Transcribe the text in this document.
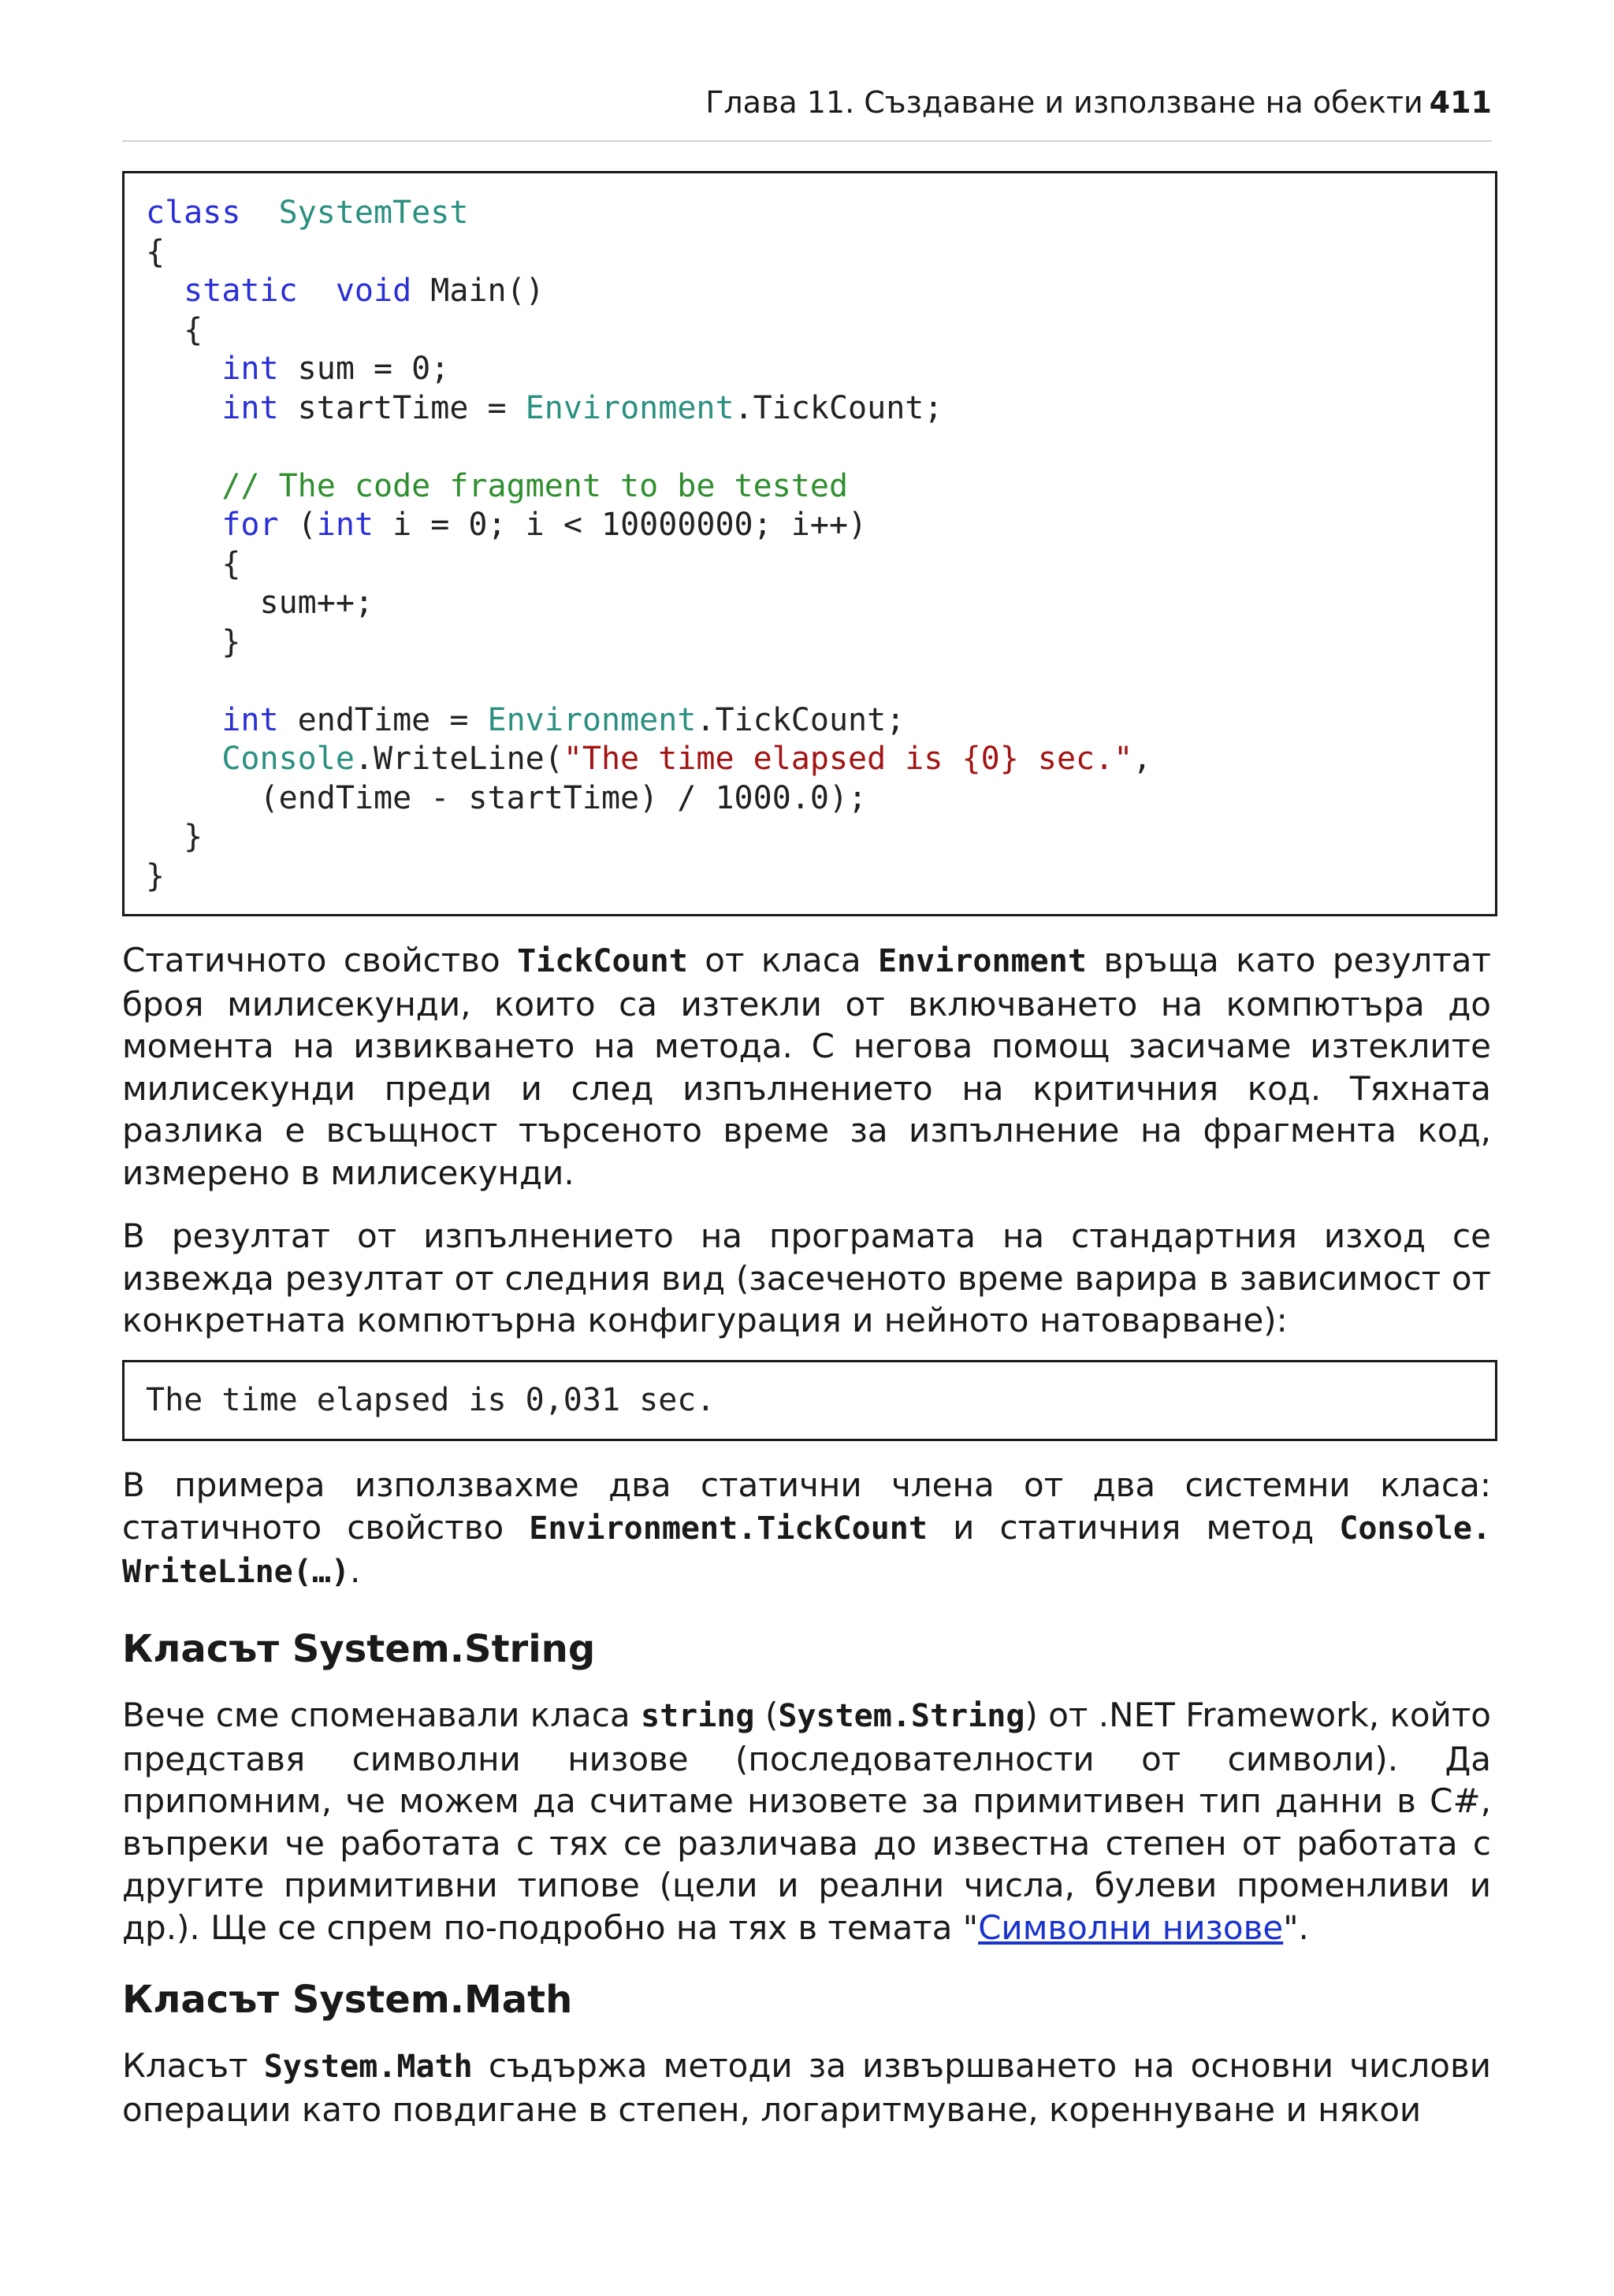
Глава 11. Създаване и използване на обекти 411
class SystemTest
{
static void Main()
{
int sum = 0;
int startTime = Environment.TickCount;
// The code fragment to be tested
for (int i = 0; i < 10000000; i++)
{
sum++;
}
int endTime = Environment.TickCount;
Console.WriteLine("The time elapsed is {0} sec.",
(endTime - startTime) / 1000.0);
}
}

Статичното свойство TickCount от класа Environment връща като резултат броя милисекунди, които са изтекли от включването на компютъра до момента на извикването на метода. С негова помощ засичаме изтеклите милисекунди преди и след изпълнението на критичния код. Тяхната разлика е всъщност търсеното време за изпълнение на фрагмента код, измерено в милисекунди.

В резултат от изпълнението на програмата на стандартния изход се извежда резултат от следния вид (засеченото време варира в зависимост от конкретната компютърна конфигурация и нейното натоварване):

The time elapsed is 0,031 sec.

В примера използвахме два статични члена от два системни класа: статичното свойство Environment.TickCount и статичния метод Console. WriteLine(…).

Класът System.String

Вече сме споменавали класа string (System.String) от .NET Framework, който представя символни низове (последователности от символи). Да припомним, че можем да считаме низовете за примитивен тип данни в C#, въпреки че работата с тях се различава до известна степен от работата с другите примитивни типове (цели и реални числа, булеви променливи и др.). Ще се спрем по-подробно на тях в темата "Символни низове".

Класът System.Math

Класът System.Math съдържа методи за извършването на основни числови операции като повдигане в степен, логаритмуване, кореннуване и някои
